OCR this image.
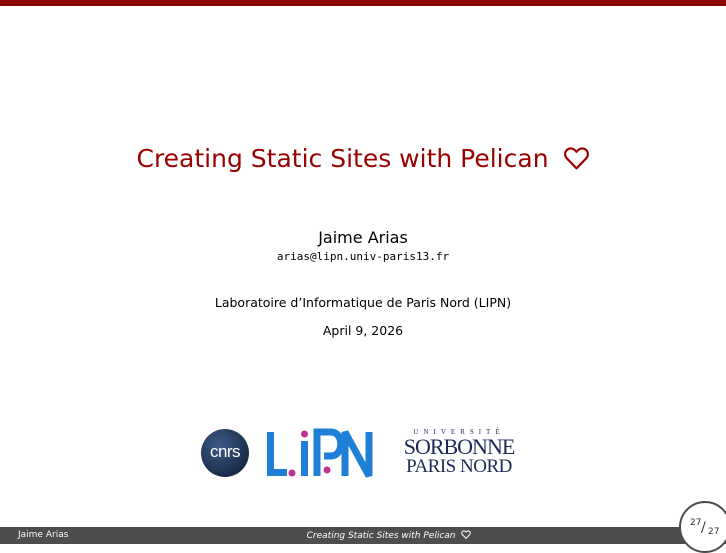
Creating Static Sites with Pelican
Jaime Arias
arias@lipn.univ-paris13.fr
Laboratoire d’Informatique de Paris Nord (LIPN)
April 9, 2026
cnrs
UNIVERSITÉ
SORBONNE
PARIS NORD
Jaime Arias	Creating Static Sites with Pelican
27 / 27
